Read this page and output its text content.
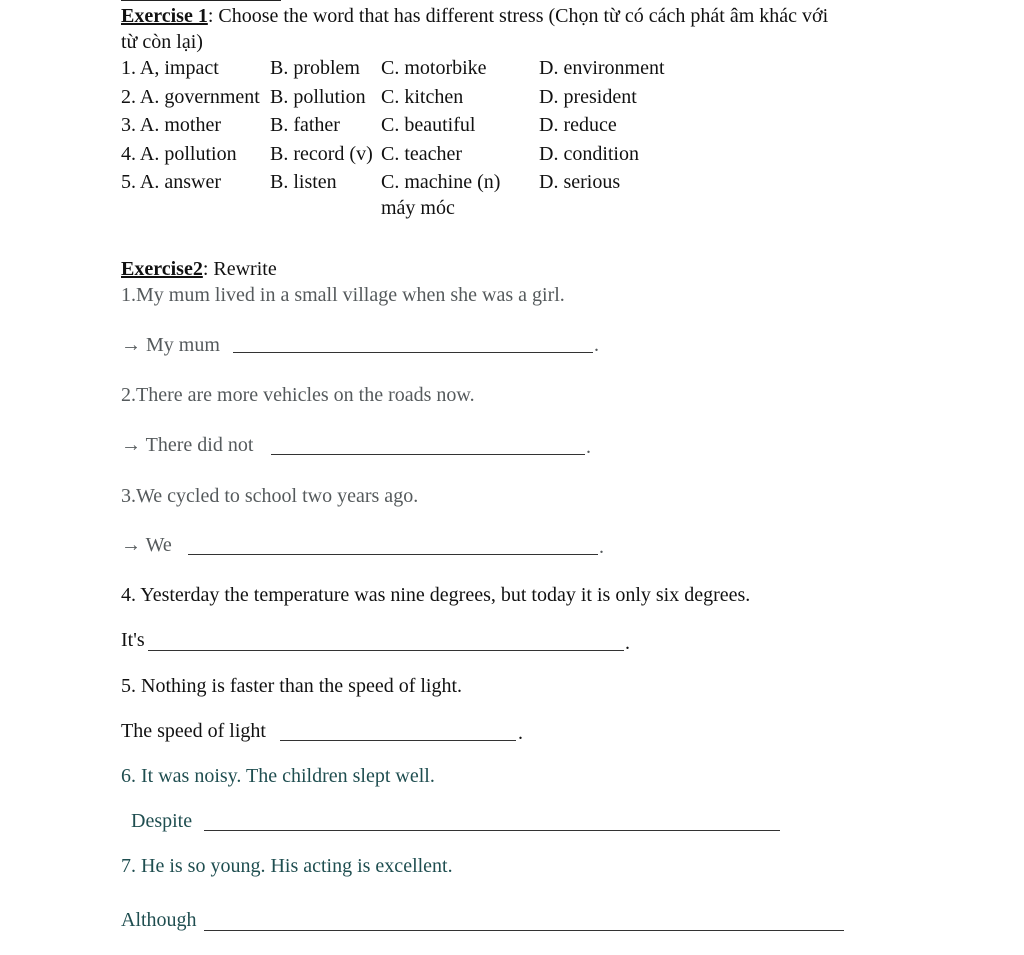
Exercise 1: Choose the word that has different stress (Chọn từ có cách phát âm khác với
từ còn lại)
1. A, impact	B. problem	C. motorbike	D. environment
2. A. government	B. pollution	C. kitchen	D. president
3. A. mother	B. father	C. beautiful	D. reduce
4. A. pollution	B. record (v)	C. teacher	D. condition
5. A. answer	B. listen	C. machine (n)
máy móc	D. serious
Exercise2: Rewrite
1.My mum lived in a small village when she was a girl.
→ My mum	.
2.There are more vehicles on the roads now.
→ There did not	.
3.We cycled to school two years ago.
→ We	.
4. Yesterday the temperature was nine degrees, but today it is only six degrees.
It's	.
5. Nothing is faster than the speed of light.
The speed of light	.
6. It was noisy. The children slept well.
Despite
7. He is so young. His acting is excellent.
Although
